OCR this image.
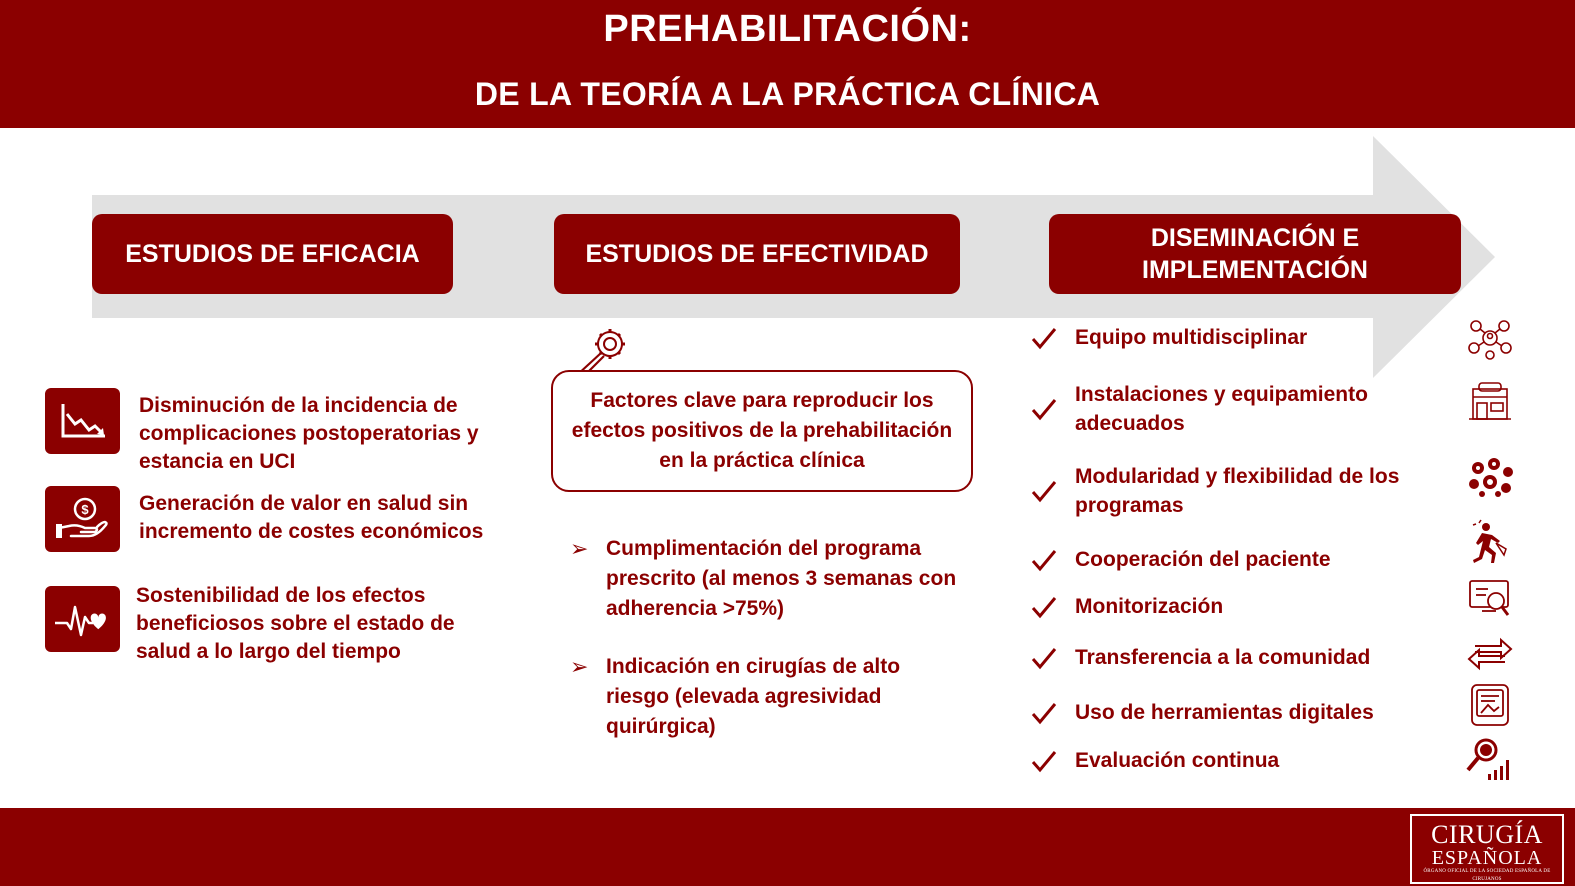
PREHABILITACIÓN:
DE LA TEORÍA A LA PRÁCTICA CLÍNICA
ESTUDIOS DE EFICACIA	ESTUDIOS DE EFECTIVIDAD
DISEMINACIÓN E
IMPLEMENTACIÓN
Disminución de la incidencia de complicaciones postoperatorias y estancia en UCI
$ Generación de valor en salud sin incremento de costes económicos
Sostenibilidad de los efectos beneficiosos sobre el estado de salud a lo largo del tiempo
Factores clave para reproducir los efectos positivos de la prehabilitación en la práctica clínica
➢ Cumplimentación del programa prescrito (al menos 3 semanas con adherencia >75%)
➢ Indicación en cirugías de alto riesgo (elevada agresividad quirúrgica)
Equipo multidisciplinar
Instalaciones y equipamiento adecuados
Modularidad y flexibilidad de los programas
Cooperación del paciente
Monitorización
Transferencia a la comunidad
Uso de herramientas digitales
Evaluación continua
CIRUGÍA
ESPAÑOLA
ÓRGANO OFICIAL DE LA SOCIEDAD ESPAÑOLA DE CIRUJANOS
